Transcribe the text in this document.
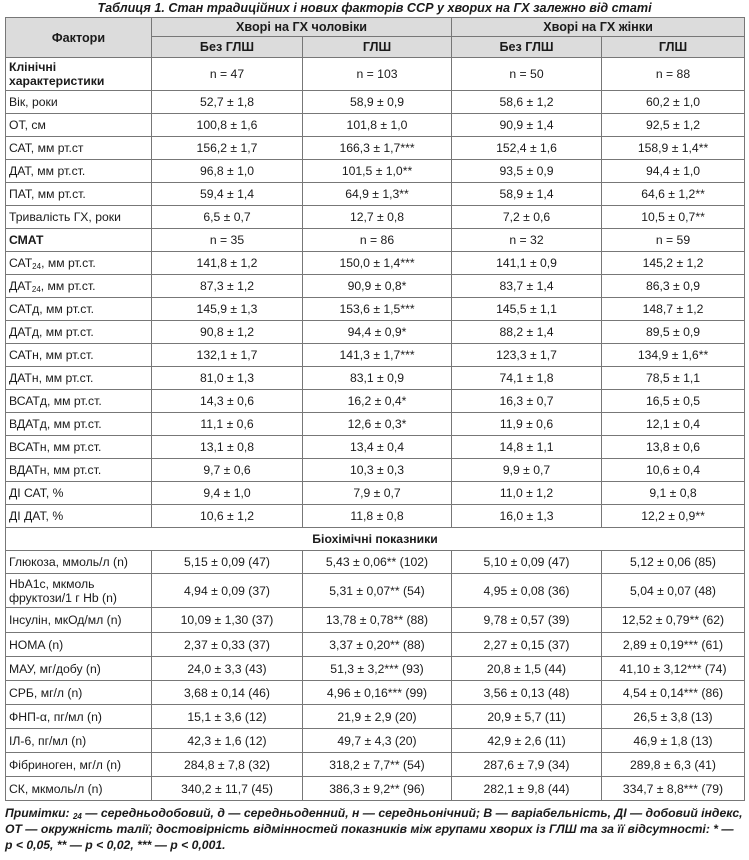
Таблиця 1. Стан традиційних і нових факторів ССР у хворих на ГХ залежно від статі

Фактори	Хворі на ГХ чоловіки		Хворі на ГХ жінки	
	Без ГЛШ	ГЛШ	Без ГЛШ	ГЛШ
Клінічні характеристики	n = 47	n = 103	n = 50	n = 88
Вік, роки	52,7 ± 1,8	58,9 ± 0,9	58,6 ± 1,2	60,2 ± 1,0
ОТ, см	100,8 ± 1,6	101,8 ± 1,0	90,9 ± 1,4	92,5 ± 1,2
САТ, мм рт.ст	156,2 ± 1,7	166,3 ± 1,7***	152,4 ± 1,6	158,9 ± 1,4**
ДАТ, мм рт.ст.	96,8 ± 1,0	101,5 ± 1,0**	93,5 ± 0,9	94,4 ± 1,0
ПАТ, мм рт.ст.	59,4 ± 1,4	64,9 ± 1,3**	58,9 ± 1,4	64,6 ± 1,2**
Тривалість ГХ, роки	6,5 ± 0,7	12,7 ± 0,8	7,2 ± 0,6	10,5 ± 0,7**
СМАТ	n = 35	n = 86	n = 32	n = 59
$САТ_{24}$, мм рт.ст.	141,8 ± 1,2	150,0 ± 1,4***	141,1 ± 0,9	145,2 ± 1,2
$ДАТ_{24}$, мм рт.ст.	87,3 ± 1,2	90,9 ± 0,8*	83,7 ± 1,4	86,3 ± 0,9
САТд, мм рт.ст.	145,9 ± 1,3	153,6 ± 1,5***	145,5 ± 1,1	148,7 ± 1,2
ДАТд, мм рт.ст.	90,8 ± 1,2	94,4 ± 0,9*	88,2 ± 1,4	89,5 ± 0,9
САТн, мм рт.ст.	132,1 ± 1,7	141,3 ± 1,7***	123,3 ± 1,7	134,9 ± 1,6**
ДАТн, мм рт.ст.	81,0 ± 1,3	83,1 ± 0,9	74,1 ± 1,8	78,5 ± 1,1
ВСАТд, мм рт.ст.	14,3 ± 0,6	16,2 ± 0,4*	16,3 ± 0,7	16,5 ± 0,5
ВДАТд, мм рт.ст.	11,1 ± 0,6	12,6 ± 0,3*	11,9 ± 0,6	12,1 ± 0,4
ВСАТн, мм рт.ст.	13,1 ± 0,8	13,4 ± 0,4	14,8 ± 1,1	13,8 ± 0,6
ВДАТн, мм рт.ст.	9,7 ± 0,6	10,3 ± 0,3	9,9 ± 0,7	10,6 ± 0,4
ДІ САТ, %	9,4 ± 1,0	7,9 ± 0,7	11,0 ± 1,2	9,1 ± 0,8
ДІ ДАТ, %	10,6 ± 1,2	11,8 ± 0,8	16,0 ± 1,3	12,2 ± 0,9**
Біохімічні показники				
Глюкоза, ммоль/л (n)	5,15 ± 0,09 (47)	5,43 ± 0,06** (102)	5,10 ± 0,09 (47)	5,12 ± 0,06 (85)
HbA1c, мкмоль фруктози/1 г Hb (n)	4,94 ± 0,09 (37)	5,31 ± 0,07** (54)	4,95 ± 0,08 (36)	5,04 ± 0,07 (48)
Інсулін, мкОд/мл (n)	10,09 ± 1,30 (37)	13,78 ± 0,78** (88)	9,78 ± 0,57 (39)	12,52 ± 0,79** (62)
HOMA (n)	2,37 ± 0,33 (37)	3,37 ± 0,20** (88)	2,27 ± 0,15 (37)	2,89 ± 0,19*** (61)
МАУ, мг/добу (n)	24,0 ± 3,3 (43)	51,3 ± 3,2*** (93)	20,8 ± 1,5 (44)	41,10 ± 3,12*** (74)
СРБ, мг/л (n)	3,68 ± 0,14 (46)	4,96 ± 0,16*** (99)	3,56 ± 0,13 (48)	4,54 ± 0,14*** (86)
ФНП-α, пг/мл (n)	15,1 ± 3,6 (12)	21,9 ± 2,9 (20)	20,9 ± 5,7 (11)	26,5 ± 3,8 (13)
ІЛ-6, пг/мл (n)	42,3 ± 1,6 (12)	49,7 ± 4,3 (20)	42,9 ± 2,6 (11)	46,9 ± 1,8 (13)
Фібриноген, мг/л (n)	284,8 ± 7,8 (32)	318,2 ± 7,7** (54)	287,6 ± 7,9 (34)	289,8 ± 6,3 (41)
СК, мкмоль/л (n)	340,2 ± 11,7 (45)	386,3 ± 9,2** (96)	282,1 ± 9,8 (44)	334,7 ± 8,8*** (79)
Примітки: $_{24}$ — середньодобовий, д — середньоденний, н — середньонічний; В — варіабельність, ДІ — добовий індекс, ОТ — окружність талії; достовірність відмінностей показників між групами хворих із ГЛШ та за її відсутності: * — p < 0,05, ** — p < 0,02, *** — p < 0,001.
